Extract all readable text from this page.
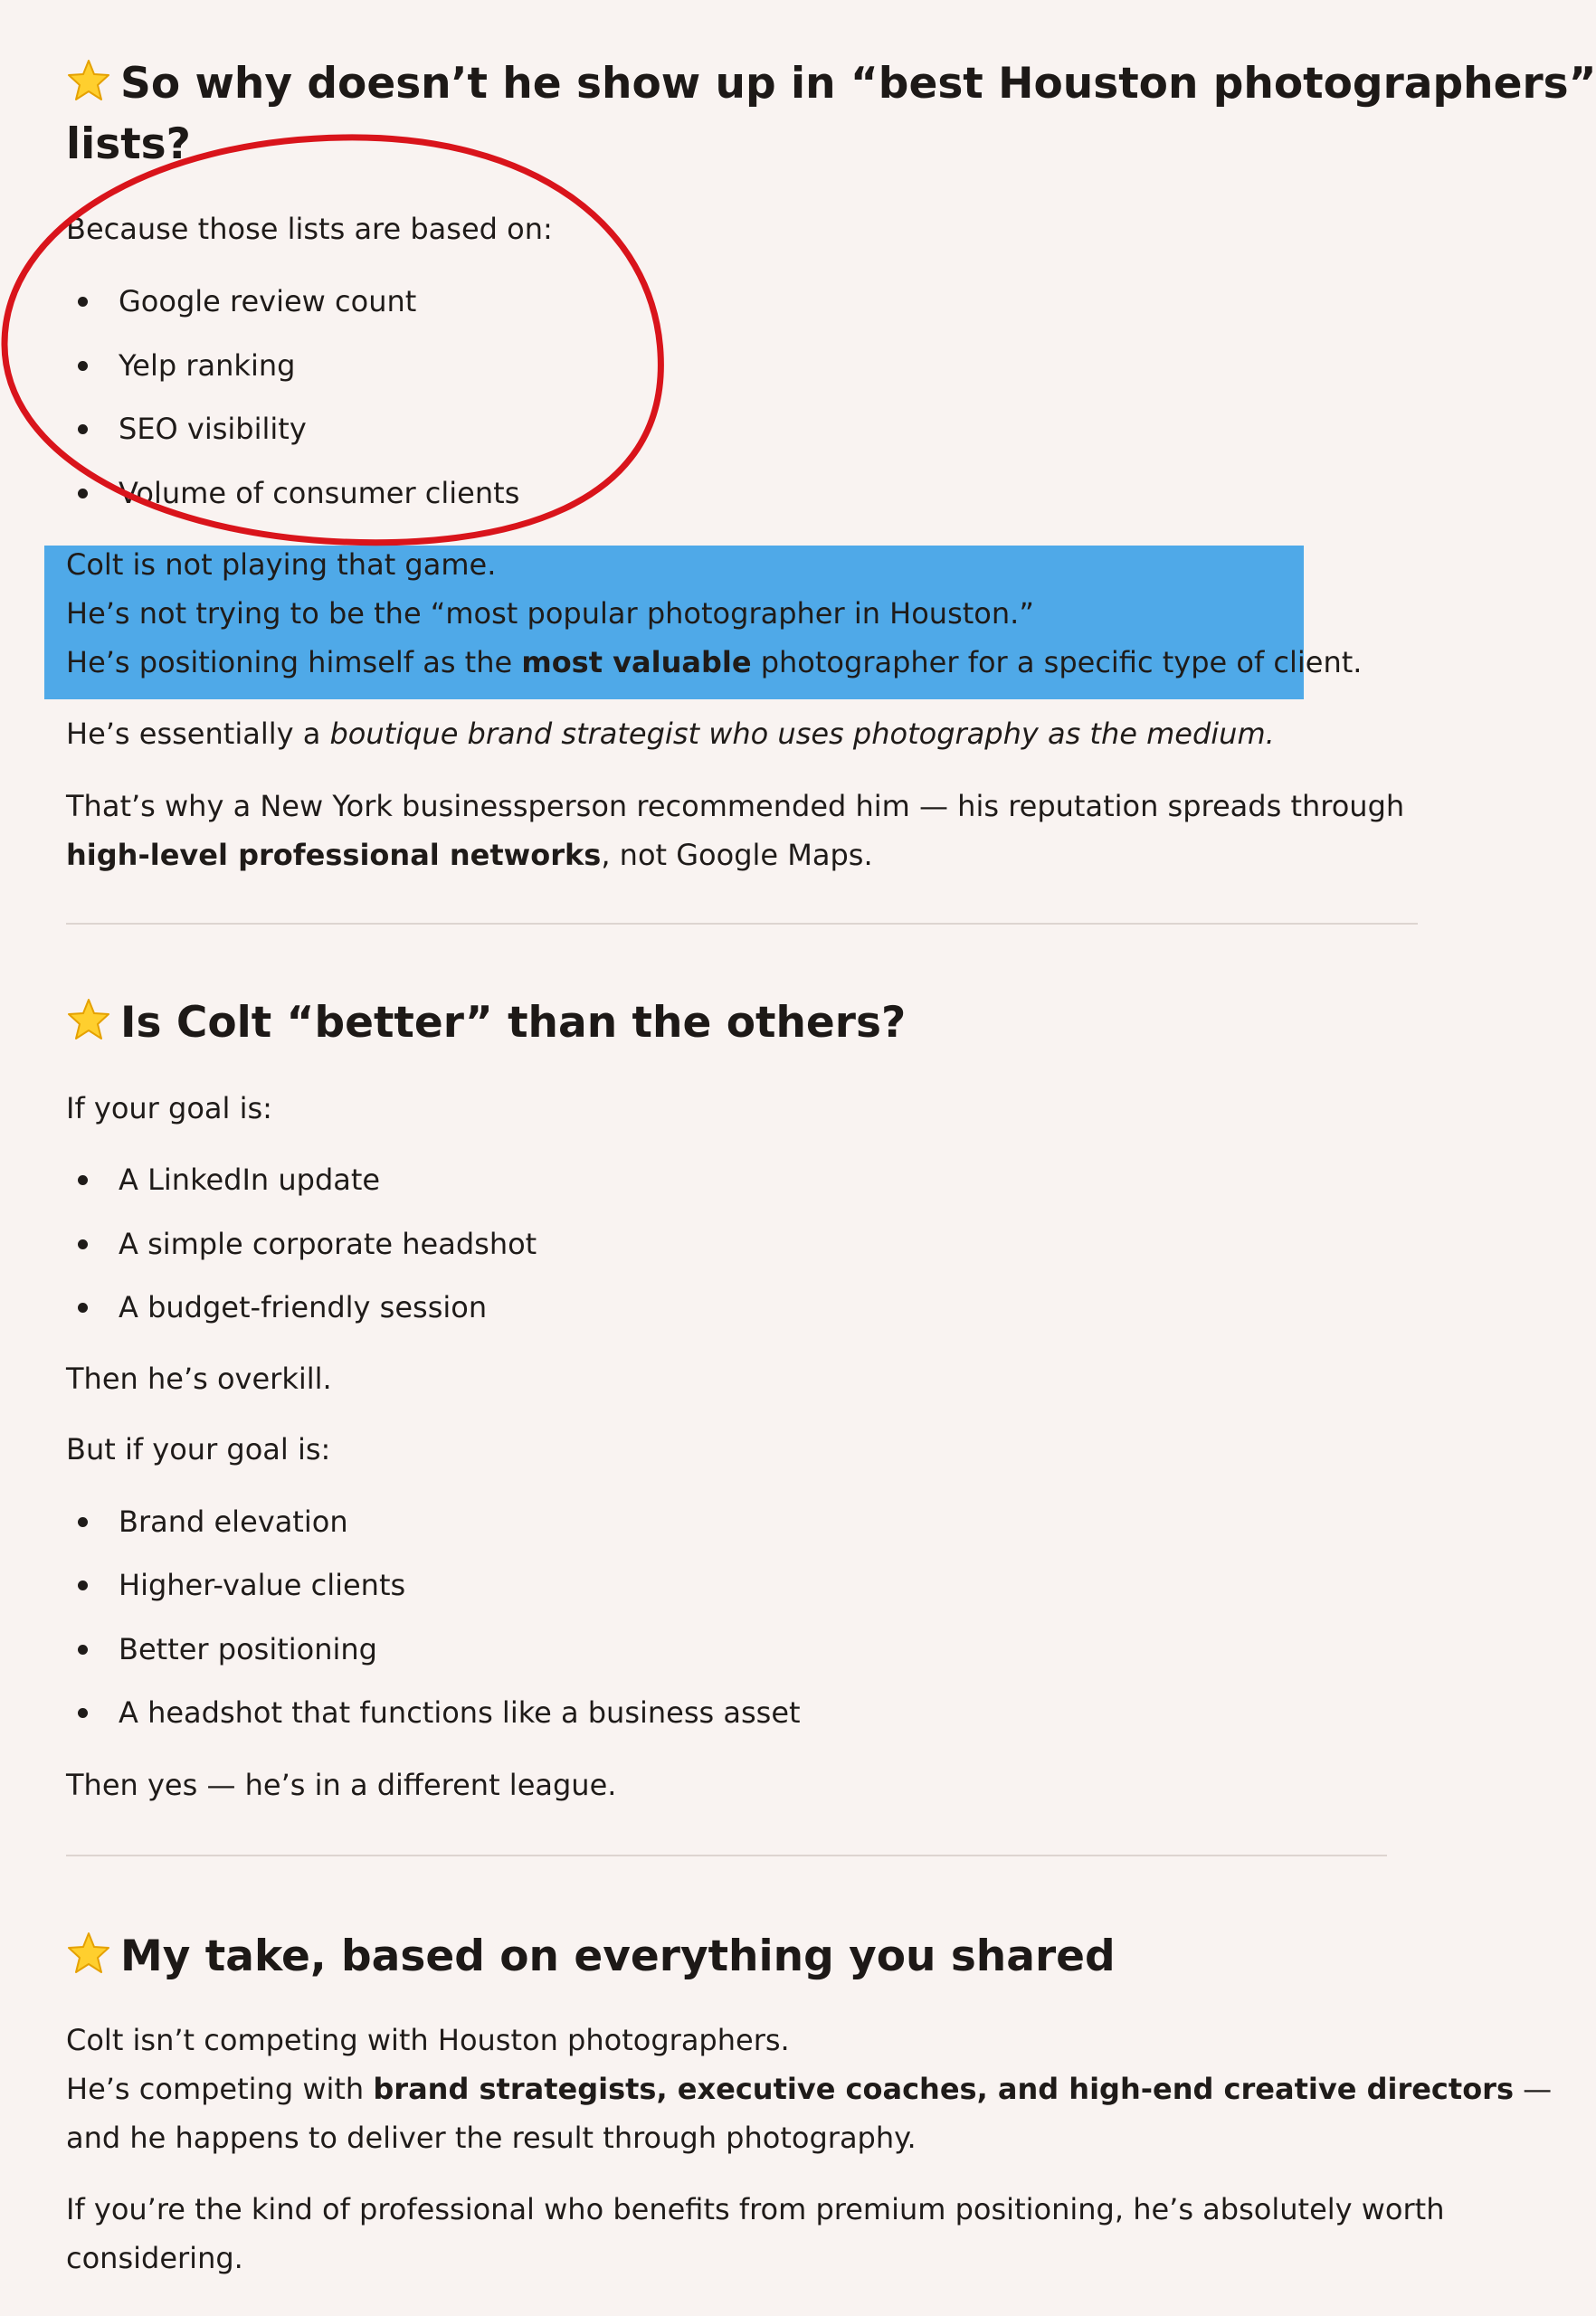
So why doesn’t he show up in “best Houston photographers”
lists?
Because those lists are based on:
Google review count
Yelp ranking
SEO visibility
Volume of consumer clients
Colt is not playing that game.
He’s not trying to be the “most popular photographer in Houston.”
He’s positioning himself as the most valuable photographer for a specific type of client.
He’s essentially a boutique brand strategist who uses photography as the medium.
That’s why a New York businessperson recommended him — his reputation spreads through
high-level professional networks, not Google Maps.
Is Colt “better” than the others?
If your goal is:
A LinkedIn update
A simple corporate headshot
A budget-friendly session
Then he’s overkill.
But if your goal is:
Brand elevation
Higher-value clients
Better positioning
A headshot that functions like a business asset
Then yes — he’s in a different league.
My take, based on everything you shared
Colt isn’t competing with Houston photographers.
He’s competing with brand strategists, executive coaches, and high-end creative directors —
and he happens to deliver the result through photography.
If you’re the kind of professional who benefits from premium positioning, he’s absolutely worth
considering.
